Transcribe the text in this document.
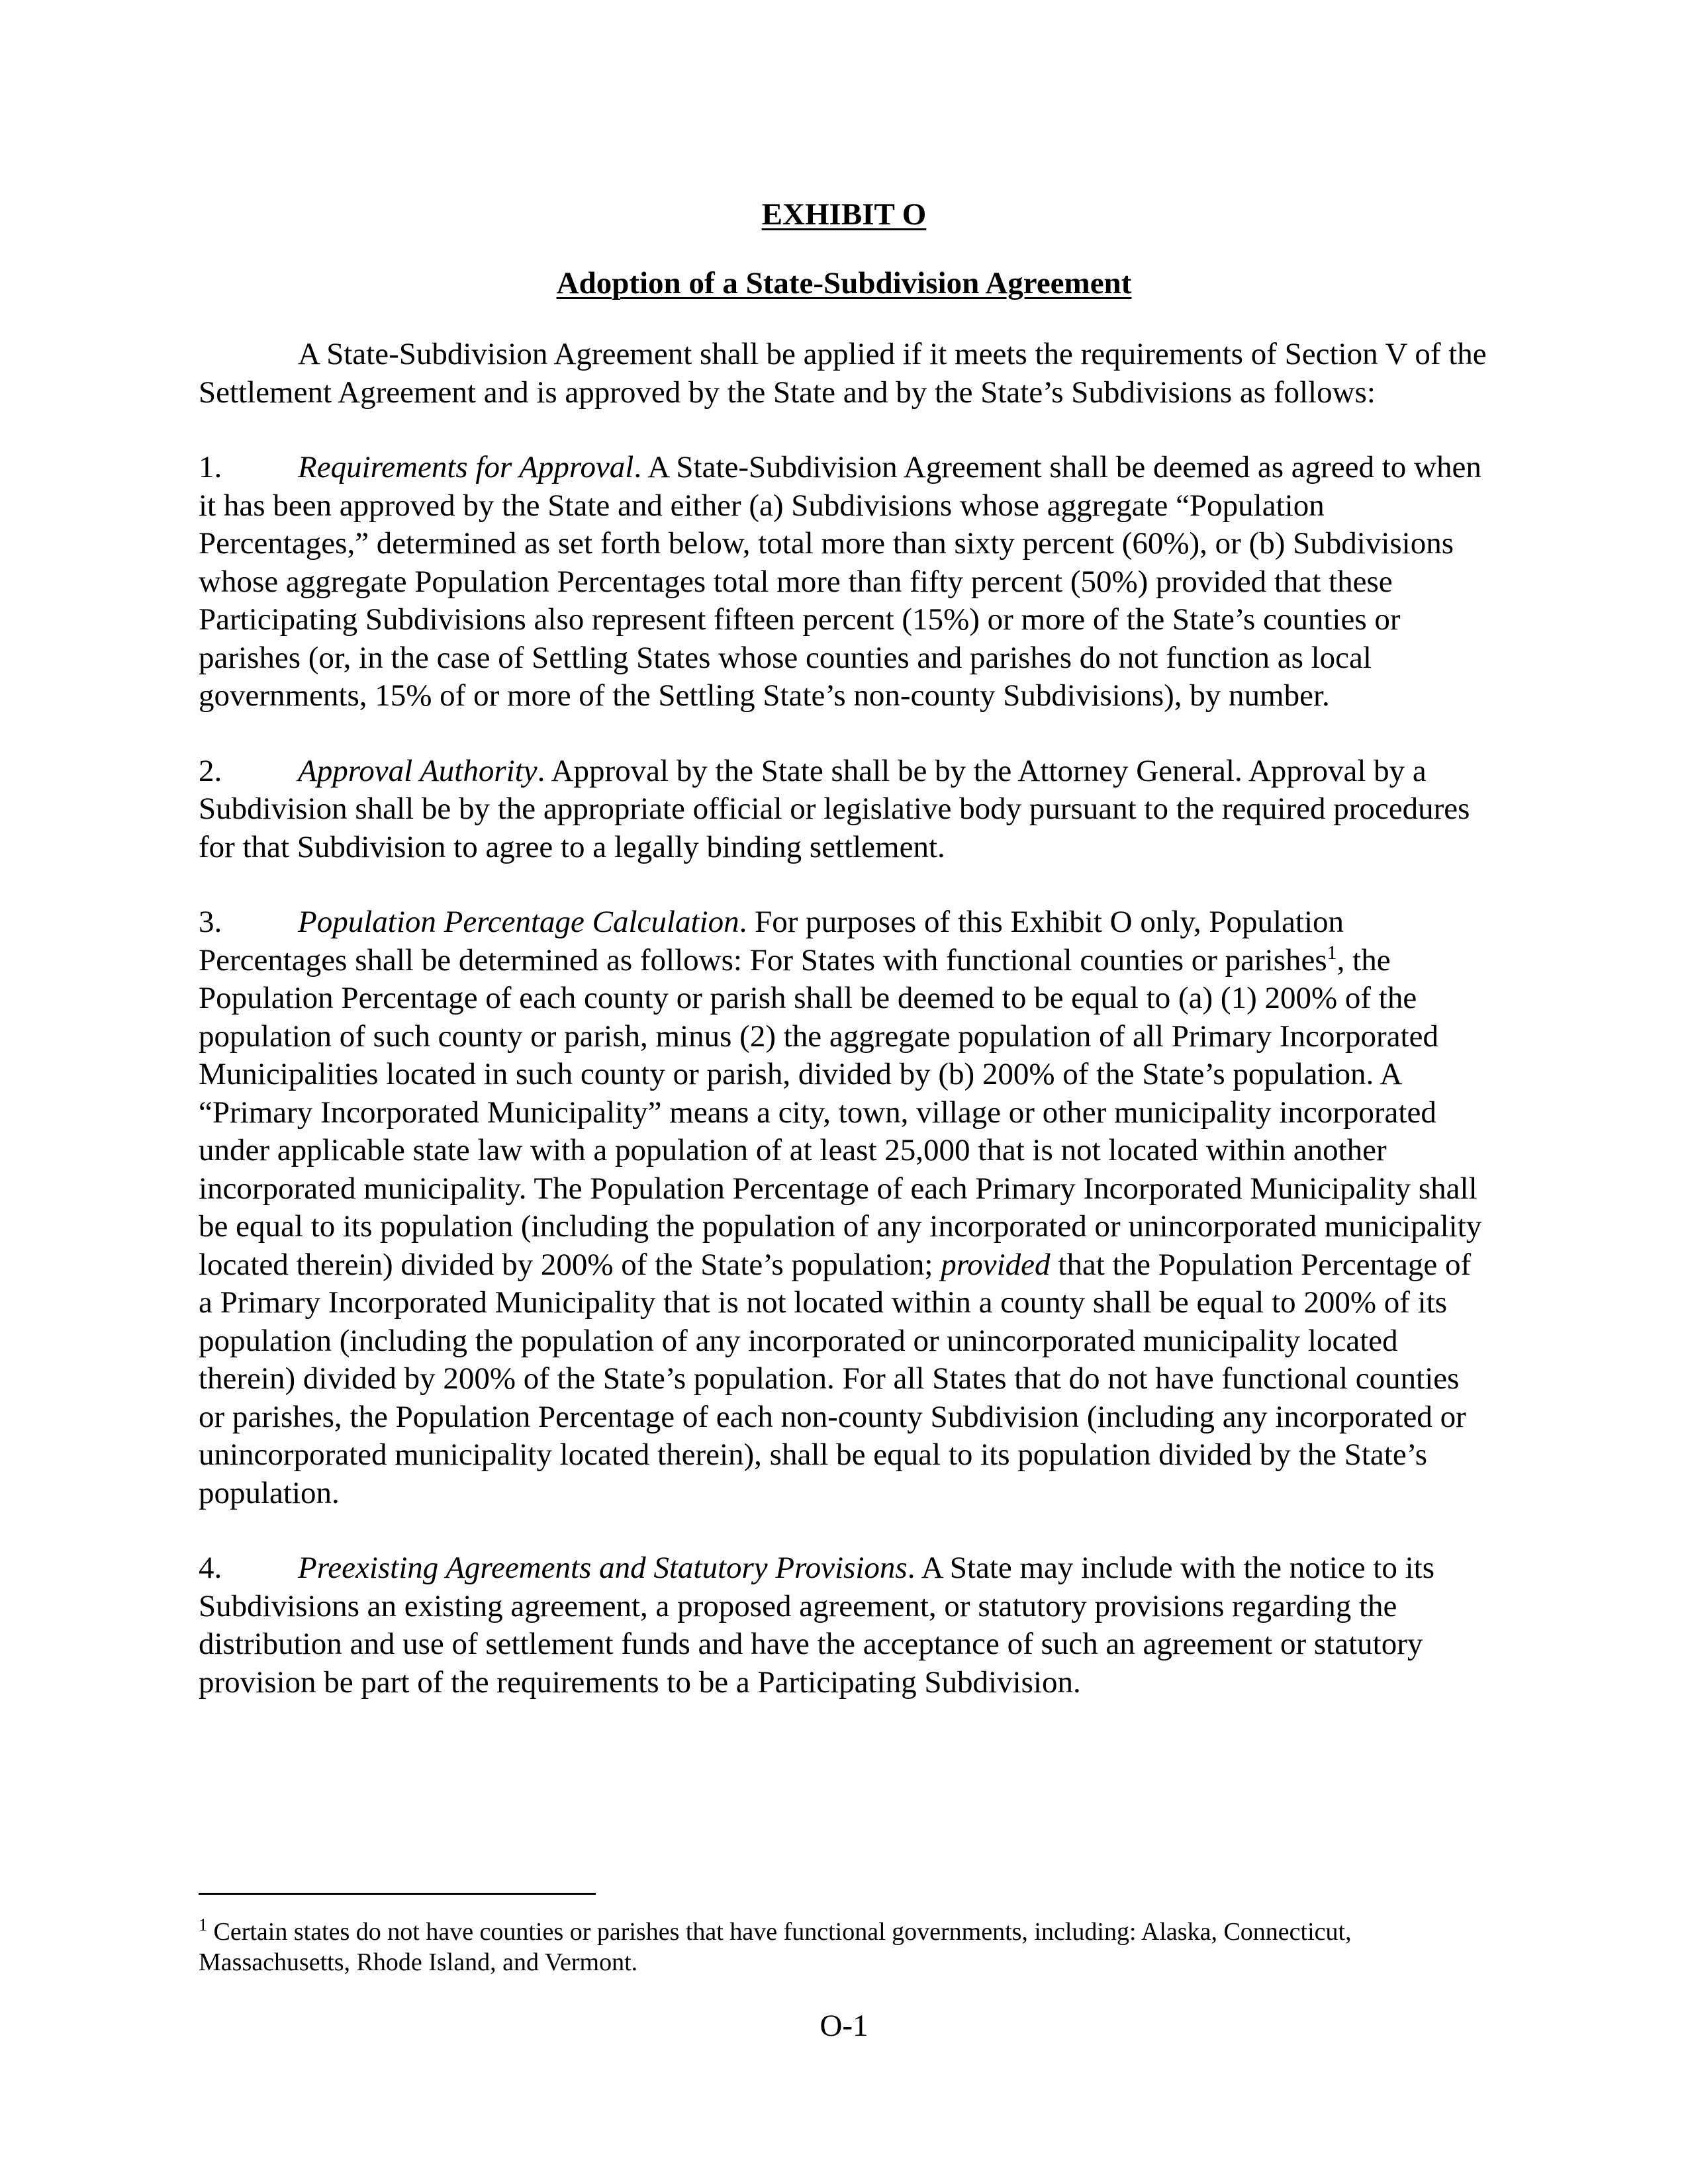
EXHIBIT O
Adoption of a State-Subdivision Agreement

A State-Subdivision Agreement shall be applied if it meets the requirements of Section V of the Settlement Agreement and is approved by the State and by the State’s Subdivisions as follows:

1. Requirements for Approval. A State-Subdivision Agreement shall be deemed as agreed to when it has been approved by the State and either (a) Subdivisions whose aggregate “Population Percentages,” determined as set forth below, total more than sixty percent (60%), or (b) Subdivisions whose aggregate Population Percentages total more than fifty percent (50%) provided that these Participating Subdivisions also represent fifteen percent (15%) or more of the State’s counties or parishes (or, in the case of Settling States whose counties and parishes do not function as local governments, 15% of or more of the Settling State’s non-county Subdivisions), by number.

2. Approval Authority. Approval by the State shall be by the Attorney General. Approval by a Subdivision shall be by the appropriate official or legislative body pursuant to the required procedures for that Subdivision to agree to a legally binding settlement.

3. Population Percentage Calculation. For purposes of this Exhibit O only, Population Percentages shall be determined as follows: For States with functional counties or parishes$^1$, the Population Percentage of each county or parish shall be deemed to be equal to (a) (1) 200% of the population of such county or parish, minus (2) the aggregate population of all Primary Incorporated Municipalities located in such county or parish, divided by (b) 200% of the State’s population. A “Primary Incorporated Municipality” means a city, town, village or other municipality incorporated under applicable state law with a population of at least 25,000 that is not located within another incorporated municipality. The Population Percentage of each Primary Incorporated Municipality shall be equal to its population (including the population of any incorporated or unincorporated municipality located therein) divided by 200% of the State’s population; provided that the Population Percentage of a Primary Incorporated Municipality that is not located within a county shall be equal to 200% of its population (including the population of any incorporated or unincorporated municipality located therein) divided by 200% of the State’s population. For all States that do not have functional counties or parishes, the Population Percentage of each non-county Subdivision (including any incorporated or unincorporated municipality located therein), shall be equal to its population divided by the State’s population.

4. Preexisting Agreements and Statutory Provisions. A State may include with the notice to its Subdivisions an existing agreement, a proposed agreement, or statutory provisions regarding the distribution and use of settlement funds and have the acceptance of such an agreement or statutory provision be part of the requirements to be a Participating Subdivision.

$^1$ Certain states do not have counties or parishes that have functional governments, including: Alaska, Connecticut, Massachusetts, Rhode Island, and Vermont.
O-1
